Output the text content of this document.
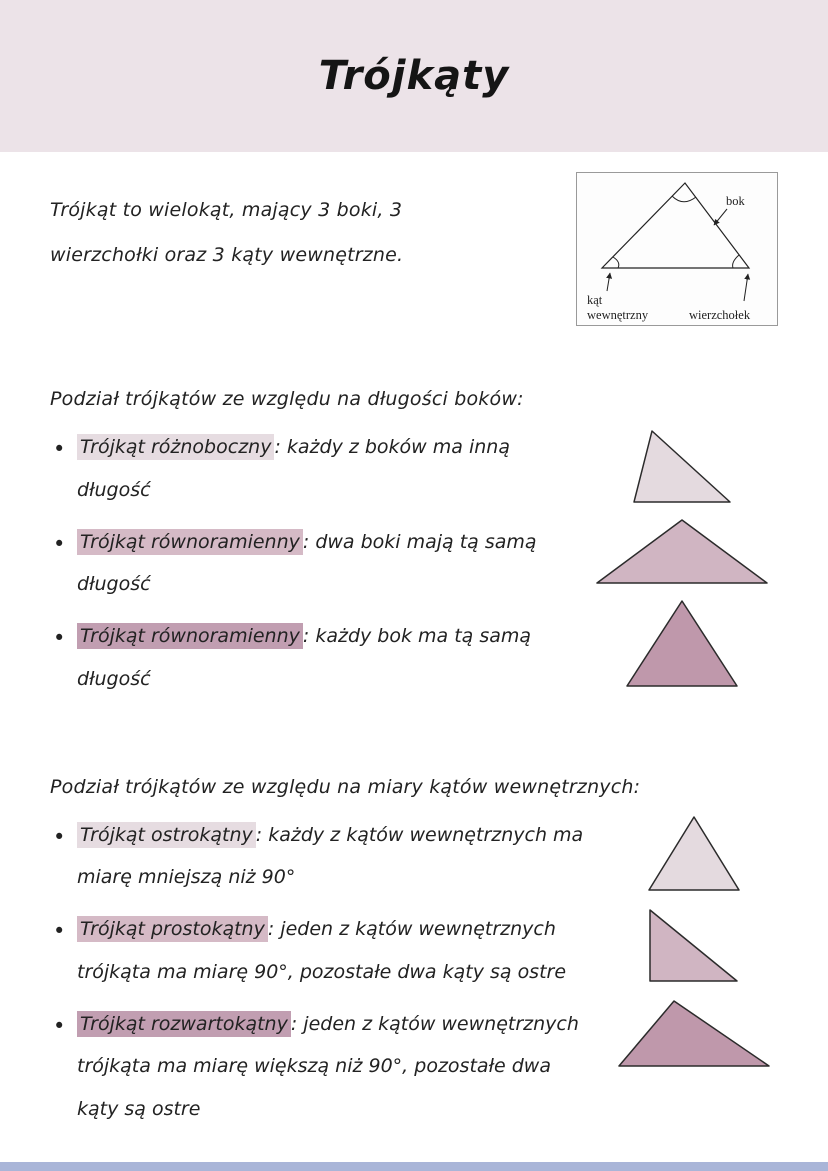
Trójkąty

Trójkąt to wielokąt, mający 3 boki, 3 wierzchołki oraz 3 kąty wewnętrzne.

bok
kąt
wewnętrzny	wierzchołek
Podział trójkątów ze względu na długości boków:
• Trójkąt różnoboczny : każdy z boków ma inną długość
• Trójkąt równoramienny : dwa boki mają tą samą długość
• Trójkąt równoramienny : każdy bok ma tą samą długość
Podział trójkątów ze względu na miary kątów wewnętrznych:
• Trójkąt ostrokątny : każdy z kątów wewnętrznych ma miarę mniejszą niż 90°
• Trójkąt prostokątny : jeden z kątów wewnętrznych trójkąta ma miarę 90°, pozostałe dwa kąty są ostre
• Trójkąt rozwartokątny : jeden z kątów wewnętrznych trójkąta ma miarę większą niż 90°, pozostałe dwa kąty są ostre
